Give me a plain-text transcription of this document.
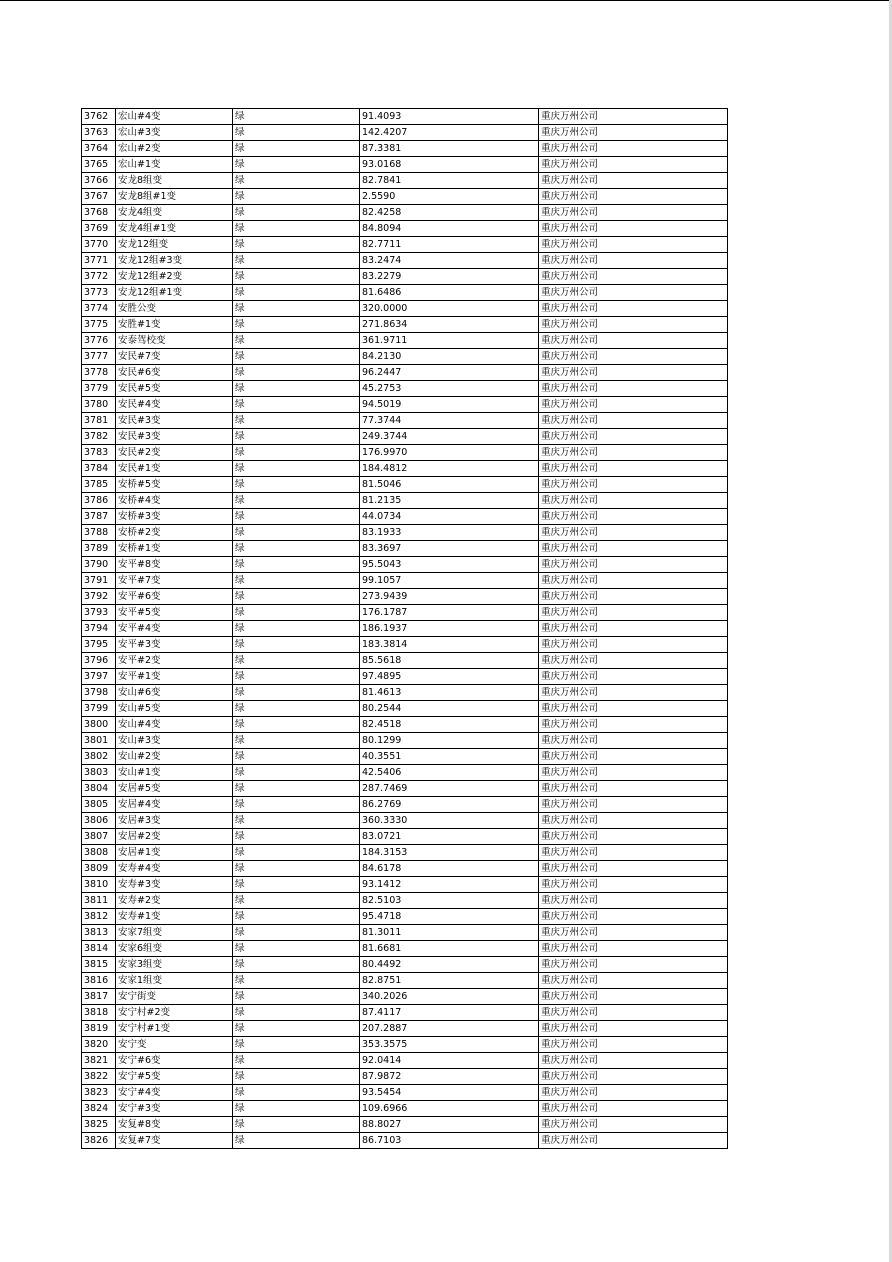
3762	宏山#4变	绿	91.4093	重庆万州公司
3763	宏山#3变	绿	142.4207	重庆万州公司
3764	宏山#2变	绿	87.3381	重庆万州公司
3765	宏山#1变	绿	93.0168	重庆万州公司
3766	安龙8组变	绿	82.7841	重庆万州公司
3767	安龙8组#1变	绿	2.5590	重庆万州公司
3768	安龙4组变	绿	82.4258	重庆万州公司
3769	安龙4组#1变	绿	84.8094	重庆万州公司
3770	安龙12组变	绿	82.7711	重庆万州公司
3771	安龙12组#3变	绿	83.2474	重庆万州公司
3772	安龙12组#2变	绿	83.2279	重庆万州公司
3773	安龙12组#1变	绿	81.6486	重庆万州公司
3774	安胜公变	绿	320.0000	重庆万州公司
3775	安胜#1变	绿	271.8634	重庆万州公司
3776	安泰驾校变	绿	361.9711	重庆万州公司
3777	安民#7变	绿	84.2130	重庆万州公司
3778	安民#6变	绿	96.2447	重庆万州公司
3779	安民#5变	绿	45.2753	重庆万州公司
3780	安民#4变	绿	94.5019	重庆万州公司
3781	安民#3变	绿	77.3744	重庆万州公司
3782	安民#3变	绿	249.3744	重庆万州公司
3783	安民#2变	绿	176.9970	重庆万州公司
3784	安民#1变	绿	184.4812	重庆万州公司
3785	安桥#5变	绿	81.5046	重庆万州公司
3786	安桥#4变	绿	81.2135	重庆万州公司
3787	安桥#3变	绿	44.0734	重庆万州公司
3788	安桥#2变	绿	83.1933	重庆万州公司
3789	安桥#1变	绿	83.3697	重庆万州公司
3790	安平#8变	绿	95.5043	重庆万州公司
3791	安平#7变	绿	99.1057	重庆万州公司
3792	安平#6变	绿	273.9439	重庆万州公司
3793	安平#5变	绿	176.1787	重庆万州公司
3794	安平#4变	绿	186.1937	重庆万州公司
3795	安平#3变	绿	183.3814	重庆万州公司
3796	安平#2变	绿	85.5618	重庆万州公司
3797	安平#1变	绿	97.4895	重庆万州公司
3798	安山#6变	绿	81.4613	重庆万州公司
3799	安山#5变	绿	80.2544	重庆万州公司
3800	安山#4变	绿	82.4518	重庆万州公司
3801	安山#3变	绿	80.1299	重庆万州公司
3802	安山#2变	绿	40.3551	重庆万州公司
3803	安山#1变	绿	42.5406	重庆万州公司
3804	安居#5变	绿	287.7469	重庆万州公司
3805	安居#4变	绿	86.2769	重庆万州公司
3806	安居#3变	绿	360.3330	重庆万州公司
3807	安居#2变	绿	83.0721	重庆万州公司
3808	安居#1变	绿	184.3153	重庆万州公司
3809	安寿#4变	绿	84.6178	重庆万州公司
3810	安寿#3变	绿	93.1412	重庆万州公司
3811	安寿#2变	绿	82.5103	重庆万州公司
3812	安寿#1变	绿	95.4718	重庆万州公司
3813	安家7组变	绿	81.3011	重庆万州公司
3814	安家6组变	绿	81.6681	重庆万州公司
3815	安家3组变	绿	80.4492	重庆万州公司
3816	安家1组变	绿	82.8751	重庆万州公司
3817	安宁街变	绿	340.2026	重庆万州公司
3818	安宁村#2变	绿	87.4117	重庆万州公司
3819	安宁村#1变	绿	207.2887	重庆万州公司
3820	安宁变	绿	353.3575	重庆万州公司
3821	安宁#6变	绿	92.0414	重庆万州公司
3822	安宁#5变	绿	87.9872	重庆万州公司
3823	安宁#4变	绿	93.5454	重庆万州公司
3824	安宁#3变	绿	109.6966	重庆万州公司
3825	安复#8变	绿	88.8027	重庆万州公司
3826	安复#7变	绿	86.7103	重庆万州公司
